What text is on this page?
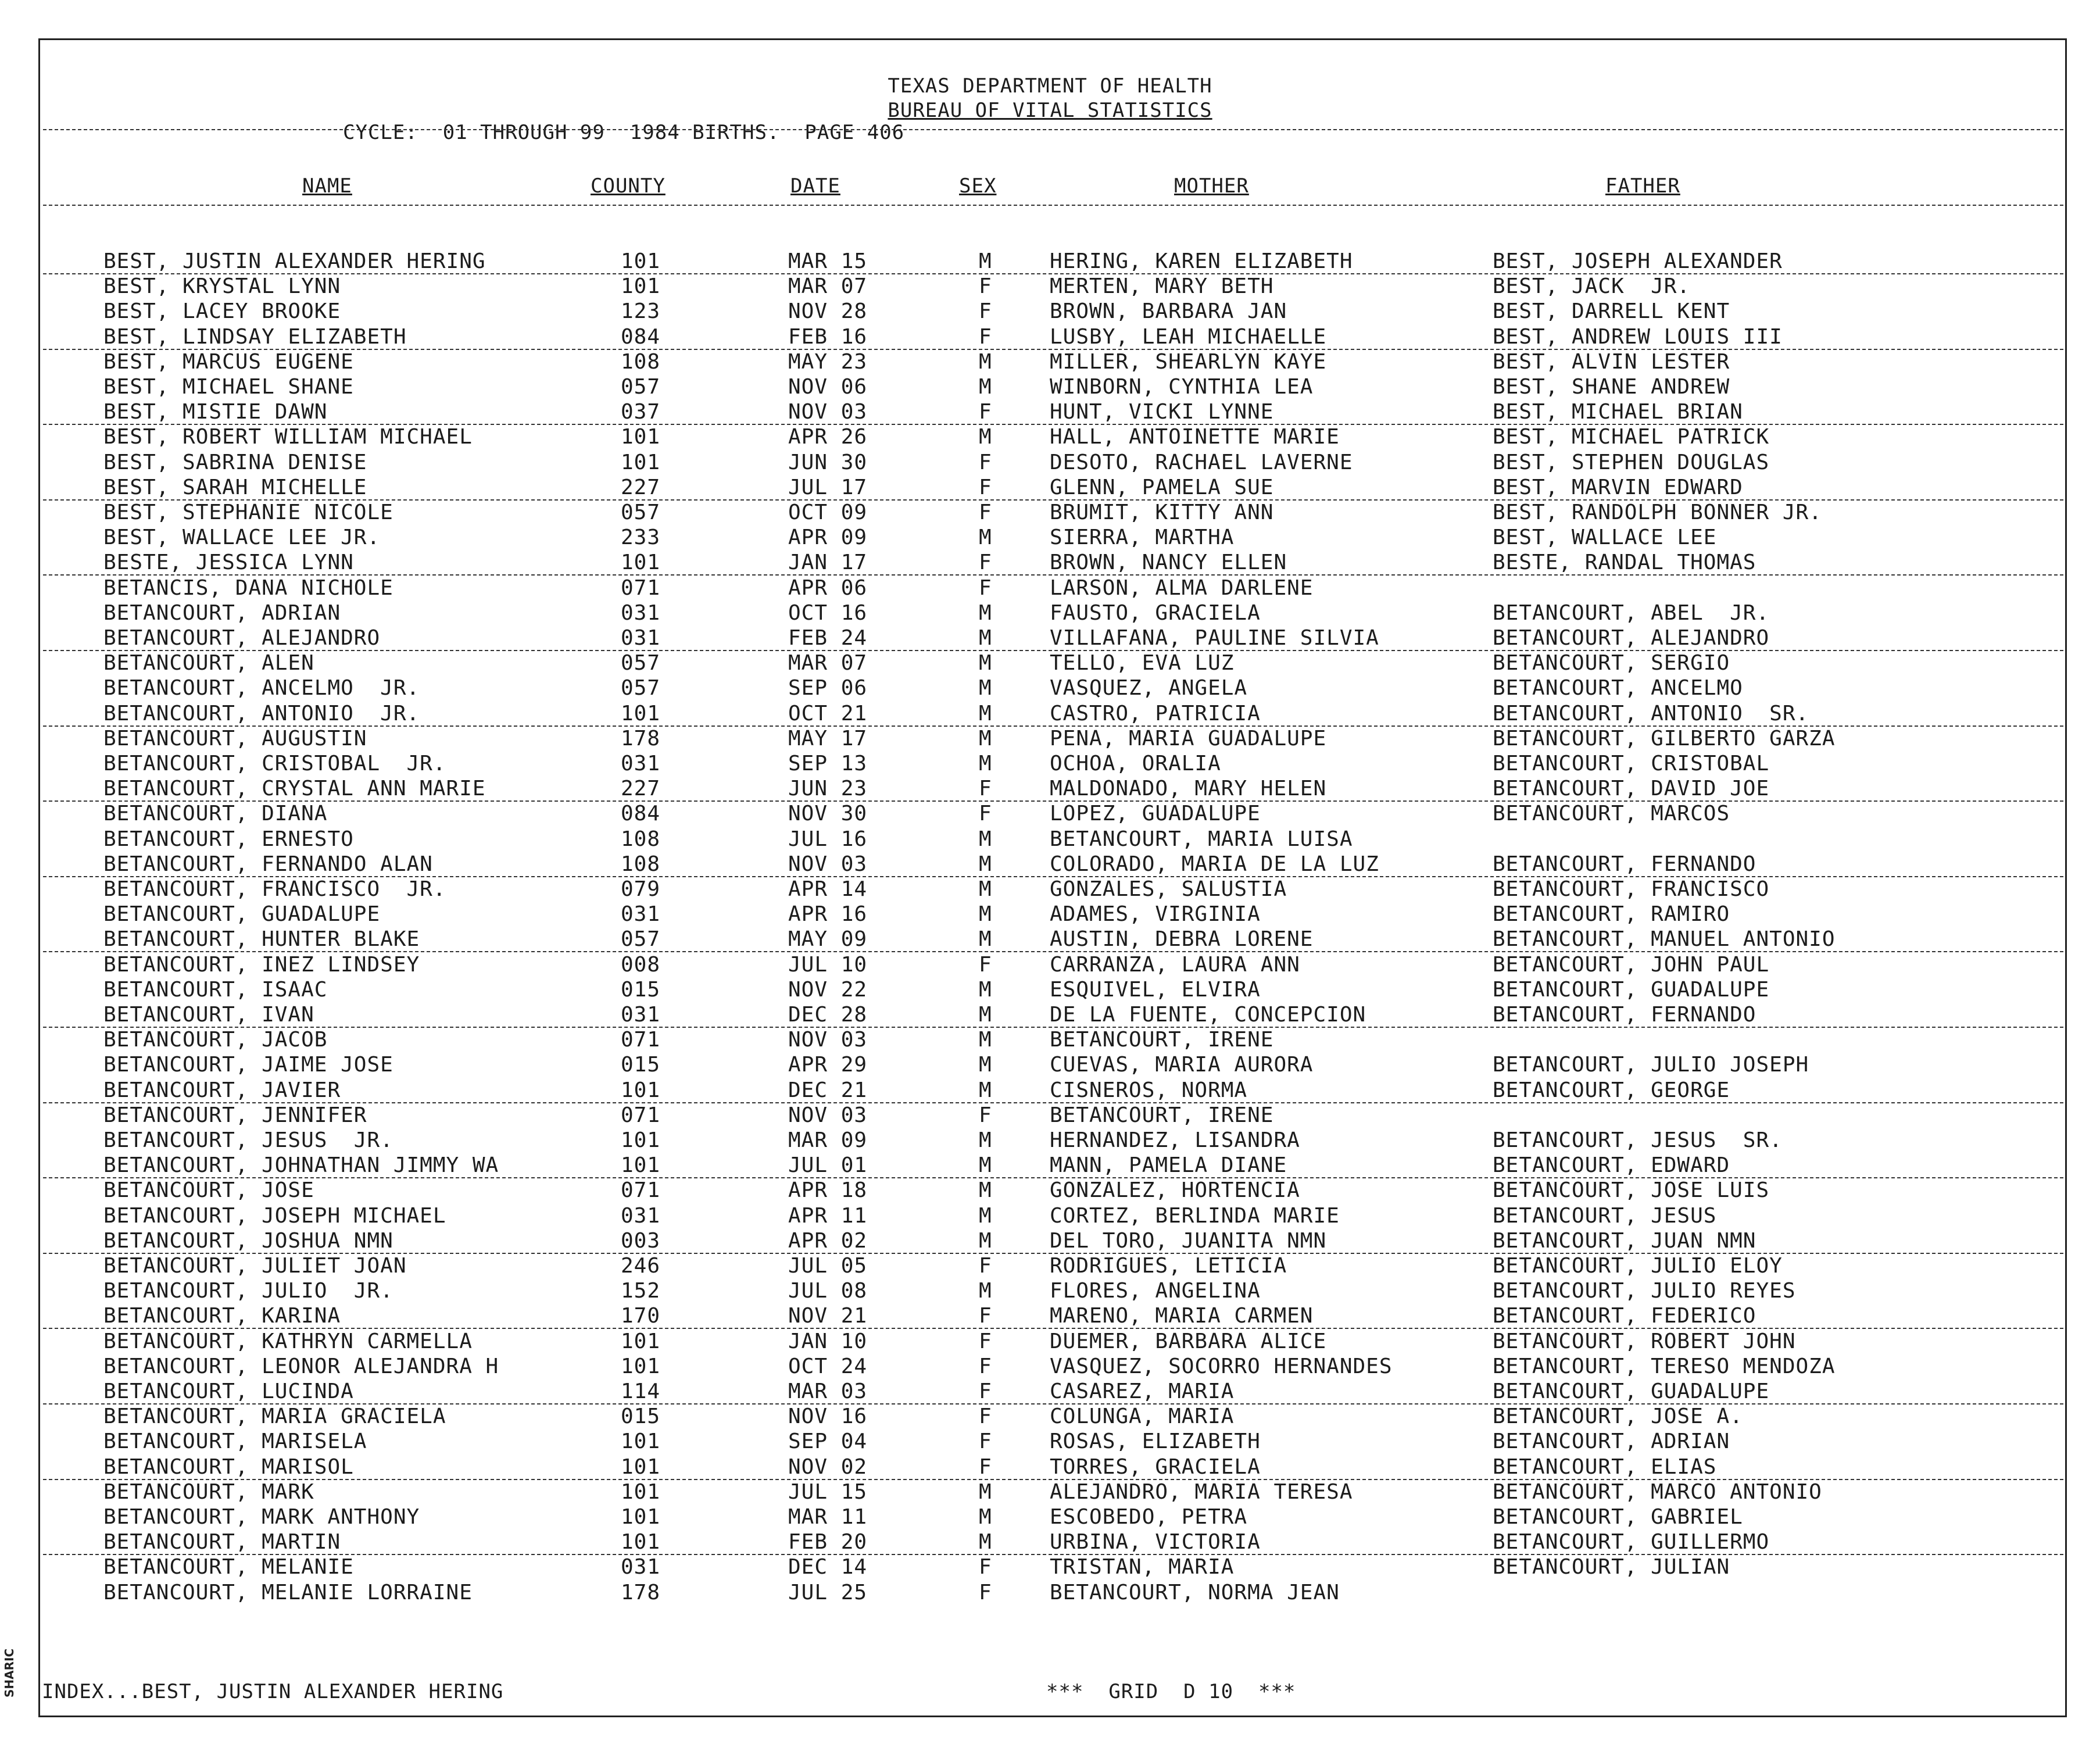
SHARIC
TEXAS DEPARTMENT OF HEALTH
BUREAU OF VITAL STATISTICS
CYCLE:  01 THROUGH 99  1984 BIRTHS.  PAGE 406
NAME	COUNTY	DATE	SEX	MOTHER	FATHER
BEST, JUSTIN ALEXANDER HERING	101	MAR 15	M	HERING, KAREN ELIZABETH	BEST, JOSEPH ALEXANDER
BEST, KRYSTAL LYNN	101	MAR 07	F	MERTEN, MARY BETH	BEST, JACK  JR.
BEST, LACEY BROOKE	123	NOV 28	F	BROWN, BARBARA JAN	BEST, DARRELL KENT
BEST, LINDSAY ELIZABETH	084	FEB 16	F	LUSBY, LEAH MICHAELLE	BEST, ANDREW LOUIS III
BEST, MARCUS EUGENE	108	MAY 23	M	MILLER, SHEARLYN KAYE	BEST, ALVIN LESTER
BEST, MICHAEL SHANE	057	NOV 06	M	WINBORN, CYNTHIA LEA	BEST, SHANE ANDREW
BEST, MISTIE DAWN	037	NOV 03	F	HUNT, VICKI LYNNE	BEST, MICHAEL BRIAN
BEST, ROBERT WILLIAM MICHAEL	101	APR 26	M	HALL, ANTOINETTE MARIE	BEST, MICHAEL PATRICK
BEST, SABRINA DENISE	101	JUN 30	F	DESOTO, RACHAEL LAVERNE	BEST, STEPHEN DOUGLAS
BEST, SARAH MICHELLE	227	JUL 17	F	GLENN, PAMELA SUE	BEST, MARVIN EDWARD
BEST, STEPHANIE NICOLE	057	OCT 09	F	BRUMIT, KITTY ANN	BEST, RANDOLPH BONNER JR.
BEST, WALLACE LEE JR.	233	APR 09	M	SIERRA, MARTHA	BEST, WALLACE LEE
BESTE, JESSICA LYNN	101	JAN 17	F	BROWN, NANCY ELLEN	BESTE, RANDAL THOMAS
BETANCIS, DANA NICHOLE	071	APR 06	F	LARSON, ALMA DARLENE
BETANCOURT, ADRIAN	031	OCT 16	M	FAUSTO, GRACIELA	BETANCOURT, ABEL  JR.
BETANCOURT, ALEJANDRO	031	FEB 24	M	VILLAFANA, PAULINE SILVIA	BETANCOURT, ALEJANDRO
BETANCOURT, ALEN	057	MAR 07	M	TELLO, EVA LUZ	BETANCOURT, SERGIO
BETANCOURT, ANCELMO  JR.	057	SEP 06	M	VASQUEZ, ANGELA	BETANCOURT, ANCELMO
BETANCOURT, ANTONIO  JR.	101	OCT 21	M	CASTRO, PATRICIA	BETANCOURT, ANTONIO  SR.
BETANCOURT, AUGUSTIN	178	MAY 17	M	PENA, MARIA GUADALUPE	BETANCOURT, GILBERTO GARZA
BETANCOURT, CRISTOBAL  JR.	031	SEP 13	M	OCHOA, ORALIA	BETANCOURT, CRISTOBAL
BETANCOURT, CRYSTAL ANN MARIE	227	JUN 23	F	MALDONADO, MARY HELEN	BETANCOURT, DAVID JOE
BETANCOURT, DIANA	084	NOV 30	F	LOPEZ, GUADALUPE	BETANCOURT, MARCOS
BETANCOURT, ERNESTO	108	JUL 16	M	BETANCOURT, MARIA LUISA
BETANCOURT, FERNANDO ALAN	108	NOV 03	M	COLORADO, MARIA DE LA LUZ	BETANCOURT, FERNANDO
BETANCOURT, FRANCISCO  JR.	079	APR 14	M	GONZALES, SALUSTIA	BETANCOURT, FRANCISCO
BETANCOURT, GUADALUPE	031	APR 16	M	ADAMES, VIRGINIA	BETANCOURT, RAMIRO
BETANCOURT, HUNTER BLAKE	057	MAY 09	M	AUSTIN, DEBRA LORENE	BETANCOURT, MANUEL ANTONIO
BETANCOURT, INEZ LINDSEY	008	JUL 10	F	CARRANZA, LAURA ANN	BETANCOURT, JOHN PAUL
BETANCOURT, ISAAC	015	NOV 22	M	ESQUIVEL, ELVIRA	BETANCOURT, GUADALUPE
BETANCOURT, IVAN	031	DEC 28	M	DE LA FUENTE, CONCEPCION	BETANCOURT, FERNANDO
BETANCOURT, JACOB	071	NOV 03	M	BETANCOURT, IRENE
BETANCOURT, JAIME JOSE	015	APR 29	M	CUEVAS, MARIA AURORA	BETANCOURT, JULIO JOSEPH
BETANCOURT, JAVIER	101	DEC 21	M	CISNEROS, NORMA	BETANCOURT, GEORGE
BETANCOURT, JENNIFER	071	NOV 03	F	BETANCOURT, IRENE
BETANCOURT, JESUS  JR.	101	MAR 09	M	HERNANDEZ, LISANDRA	BETANCOURT, JESUS  SR.
BETANCOURT, JOHNATHAN JIMMY WA	101	JUL 01	M	MANN, PAMELA DIANE	BETANCOURT, EDWARD
BETANCOURT, JOSE	071	APR 18	M	GONZALEZ, HORTENCIA	BETANCOURT, JOSE LUIS
BETANCOURT, JOSEPH MICHAEL	031	APR 11	M	CORTEZ, BERLINDA MARIE	BETANCOURT, JESUS
BETANCOURT, JOSHUA NMN	003	APR 02	M	DEL TORO, JUANITA NMN	BETANCOURT, JUAN NMN
BETANCOURT, JULIET JOAN	246	JUL 05	F	RODRIGUES, LETICIA	BETANCOURT, JULIO ELOY
BETANCOURT, JULIO  JR.	152	JUL 08	M	FLORES, ANGELINA	BETANCOURT, JULIO REYES
BETANCOURT, KARINA	170	NOV 21	F	MARENO, MARIA CARMEN	BETANCOURT, FEDERICO
BETANCOURT, KATHRYN CARMELLA	101	JAN 10	F	DUEMER, BARBARA ALICE	BETANCOURT, ROBERT JOHN
BETANCOURT, LEONOR ALEJANDRA H	101	OCT 24	F	VASQUEZ, SOCORRO HERNANDES	BETANCOURT, TERESO MENDOZA
BETANCOURT, LUCINDA	114	MAR 03	F	CASAREZ, MARIA	BETANCOURT, GUADALUPE
BETANCOURT, MARIA GRACIELA	015	NOV 16	F	COLUNGA, MARIA	BETANCOURT, JOSE A.
BETANCOURT, MARISELA	101	SEP 04	F	ROSAS, ELIZABETH	BETANCOURT, ADRIAN
BETANCOURT, MARISOL	101	NOV 02	F	TORRES, GRACIELA	BETANCOURT, ELIAS
BETANCOURT, MARK	101	JUL 15	M	ALEJANDRO, MARIA TERESA	BETANCOURT, MARCO ANTONIO
BETANCOURT, MARK ANTHONY	101	MAR 11	M	ESCOBEDO, PETRA	BETANCOURT, GABRIEL
BETANCOURT, MARTIN	101	FEB 20	M	URBINA, VICTORIA	BETANCOURT, GUILLERMO
BETANCOURT, MELANIE	031	DEC 14	F	TRISTAN, MARIA	BETANCOURT, JULIAN
BETANCOURT, MELANIE LORRAINE	178	JUL 25	F	BETANCOURT, NORMA JEAN
INDEX...BEST, JUSTIN ALEXANDER HERING	***  GRID  D 10  ***
